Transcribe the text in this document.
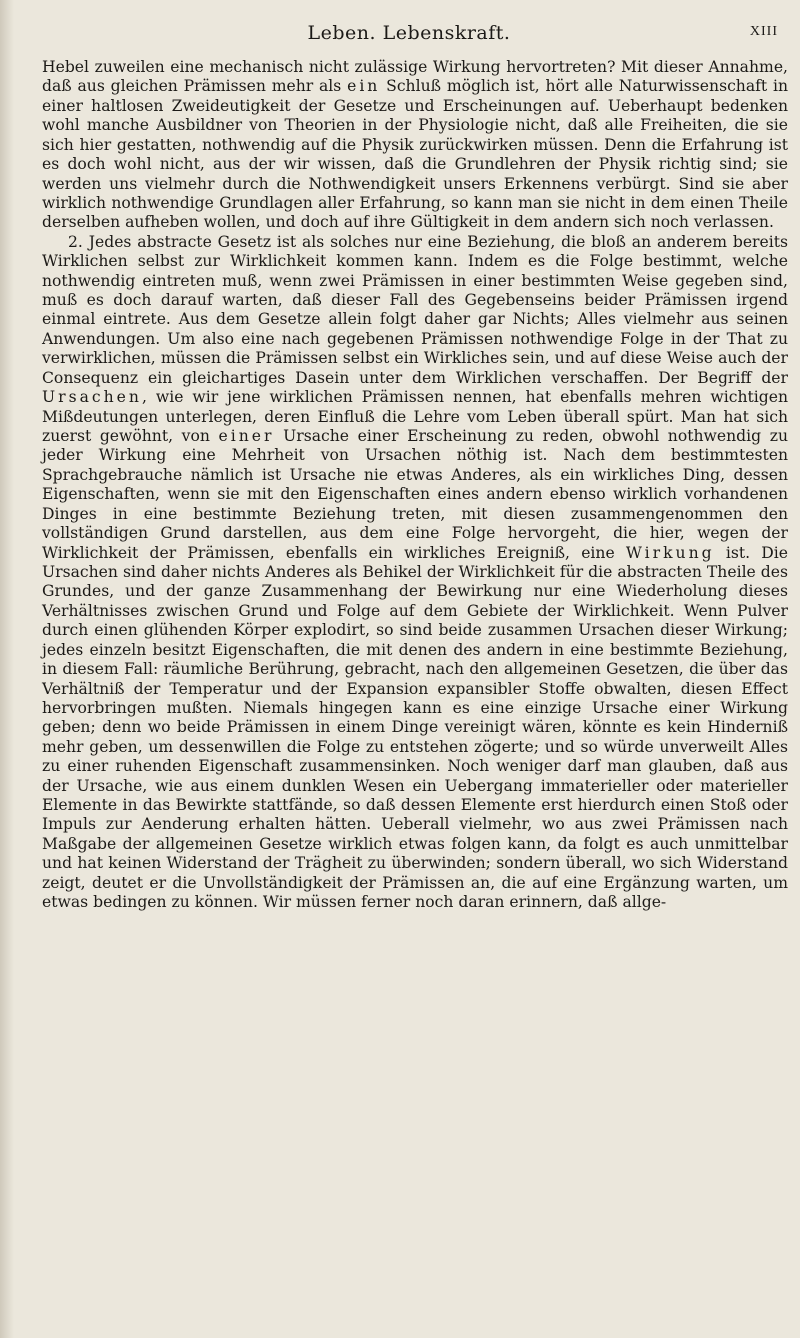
Leben. Lebenskraft.	XIII

Hebel zuweilen eine mechanisch nicht zulässige Wirkung hervortreten? Mit dieser Annahme, daß aus gleichen Prämissen mehr als ein Schluß möglich ist, hört alle Naturwissenschaft in einer haltlosen Zweideutigkeit der Gesetze und Erscheinungen auf. Ueberhaupt bedenken wohl manche Ausbildner von Theorien in der Physiologie nicht, daß alle Freiheiten, die sie sich hier gestatten, nothwendig auf die Physik zurückwirken müssen. Denn die Erfahrung ist es doch wohl nicht, aus der wir wissen, daß die Grundlehren der Physik richtig sind; sie werden uns vielmehr durch die Nothwendigkeit unsers Erkennens verbürgt. Sind sie aber wirklich nothwendige Grundlagen aller Erfahrung, so kann man sie nicht in dem einen Theile derselben aufheben wollen, und doch auf ihre Gültigkeit in dem andern sich noch verlassen.

2. Jedes abstracte Gesetz ist als solches nur eine Beziehung, die bloß an anderem bereits Wirklichen selbst zur Wirklichkeit kommen kann. Indem es die Folge bestimmt, welche nothwendig eintreten muß, wenn zwei Prämissen in einer bestimmten Weise gegeben sind, muß es doch darauf warten, daß dieser Fall des Gegebenseins beider Prämissen irgend einmal eintrete. Aus dem Gesetze allein folgt daher gar Nichts; Alles vielmehr aus seinen Anwendungen. Um also eine nach gegebenen Prämissen nothwendige Folge in der That zu verwirklichen, müssen die Prämissen selbst ein Wirkliches sein, und auf diese Weise auch der Consequenz ein gleichartiges Dasein unter dem Wirklichen verschaffen. Der Begriff der Ursachen, wie wir jene wirklichen Prämissen nennen, hat ebenfalls mehren wichtigen Mißdeutungen unterlegen, deren Einfluß die Lehre vom Leben überall spürt. Man hat sich zuerst gewöhnt, von einer Ursache einer Erscheinung zu reden, obwohl nothwendig zu jeder Wirkung eine Mehrheit von Ursachen nöthig ist. Nach dem bestimmtesten Sprachgebrauche nämlich ist Ursache nie etwas Anderes, als ein wirkliches Ding, dessen Eigenschaften, wenn sie mit den Eigenschaften eines andern ebenso wirklich vorhandenen Dinges in eine bestimmte Beziehung treten, mit diesen zusammengenommen den vollständigen Grund darstellen, aus dem eine Folge hervorgeht, die hier, wegen der Wirklichkeit der Prämissen, ebenfalls ein wirkliches Ereigniß, eine Wirkung ist. Die Ursachen sind daher nichts Anderes als Behikel der Wirklichkeit für die abstracten Theile des Grundes, und der ganze Zusammenhang der Bewirkung nur eine Wiederholung dieses Verhältnisses zwischen Grund und Folge auf dem Gebiete der Wirklichkeit. Wenn Pulver durch einen glühenden Körper explodirt, so sind beide zusammen Ursachen dieser Wirkung; jedes einzeln besitzt Eigenschaften, die mit denen des andern in eine bestimmte Beziehung, in diesem Fall: räumliche Berührung, gebracht, nach den allgemeinen Gesetzen, die über das Verhältniß der Temperatur und der Expansion expansibler Stoffe obwalten, diesen Effect hervorbringen mußten. Niemals hingegen kann es eine einzige Ursache einer Wirkung geben; denn wo beide Prämissen in einem Dinge vereinigt wären, könnte es kein Hinderniß mehr geben, um dessenwillen die Folge zu entstehen zögerte; und so würde unverweilt Alles zu einer ruhenden Eigenschaft zusammensinken. Noch weniger darf man glauben, daß aus der Ursache, wie aus einem dunklen Wesen ein Uebergang immaterieller oder materieller Elemente in das Bewirkte stattfände, so daß dessen Elemente erst hierdurch einen Stoß oder Impuls zur Aenderung erhalten hätten. Ueberall vielmehr, wo aus zwei Prämissen nach Maßgabe der allgemeinen Gesetze wirklich etwas folgen kann, da folgt es auch unmittelbar und hat keinen Widerstand der Trägheit zu überwinden; sondern überall, wo sich Widerstand zeigt, deutet er die Unvollständigkeit der Prämissen an, die auf eine Ergänzung warten, um etwas bedingen zu können. Wir müssen ferner noch daran erinnern, daß allge-
